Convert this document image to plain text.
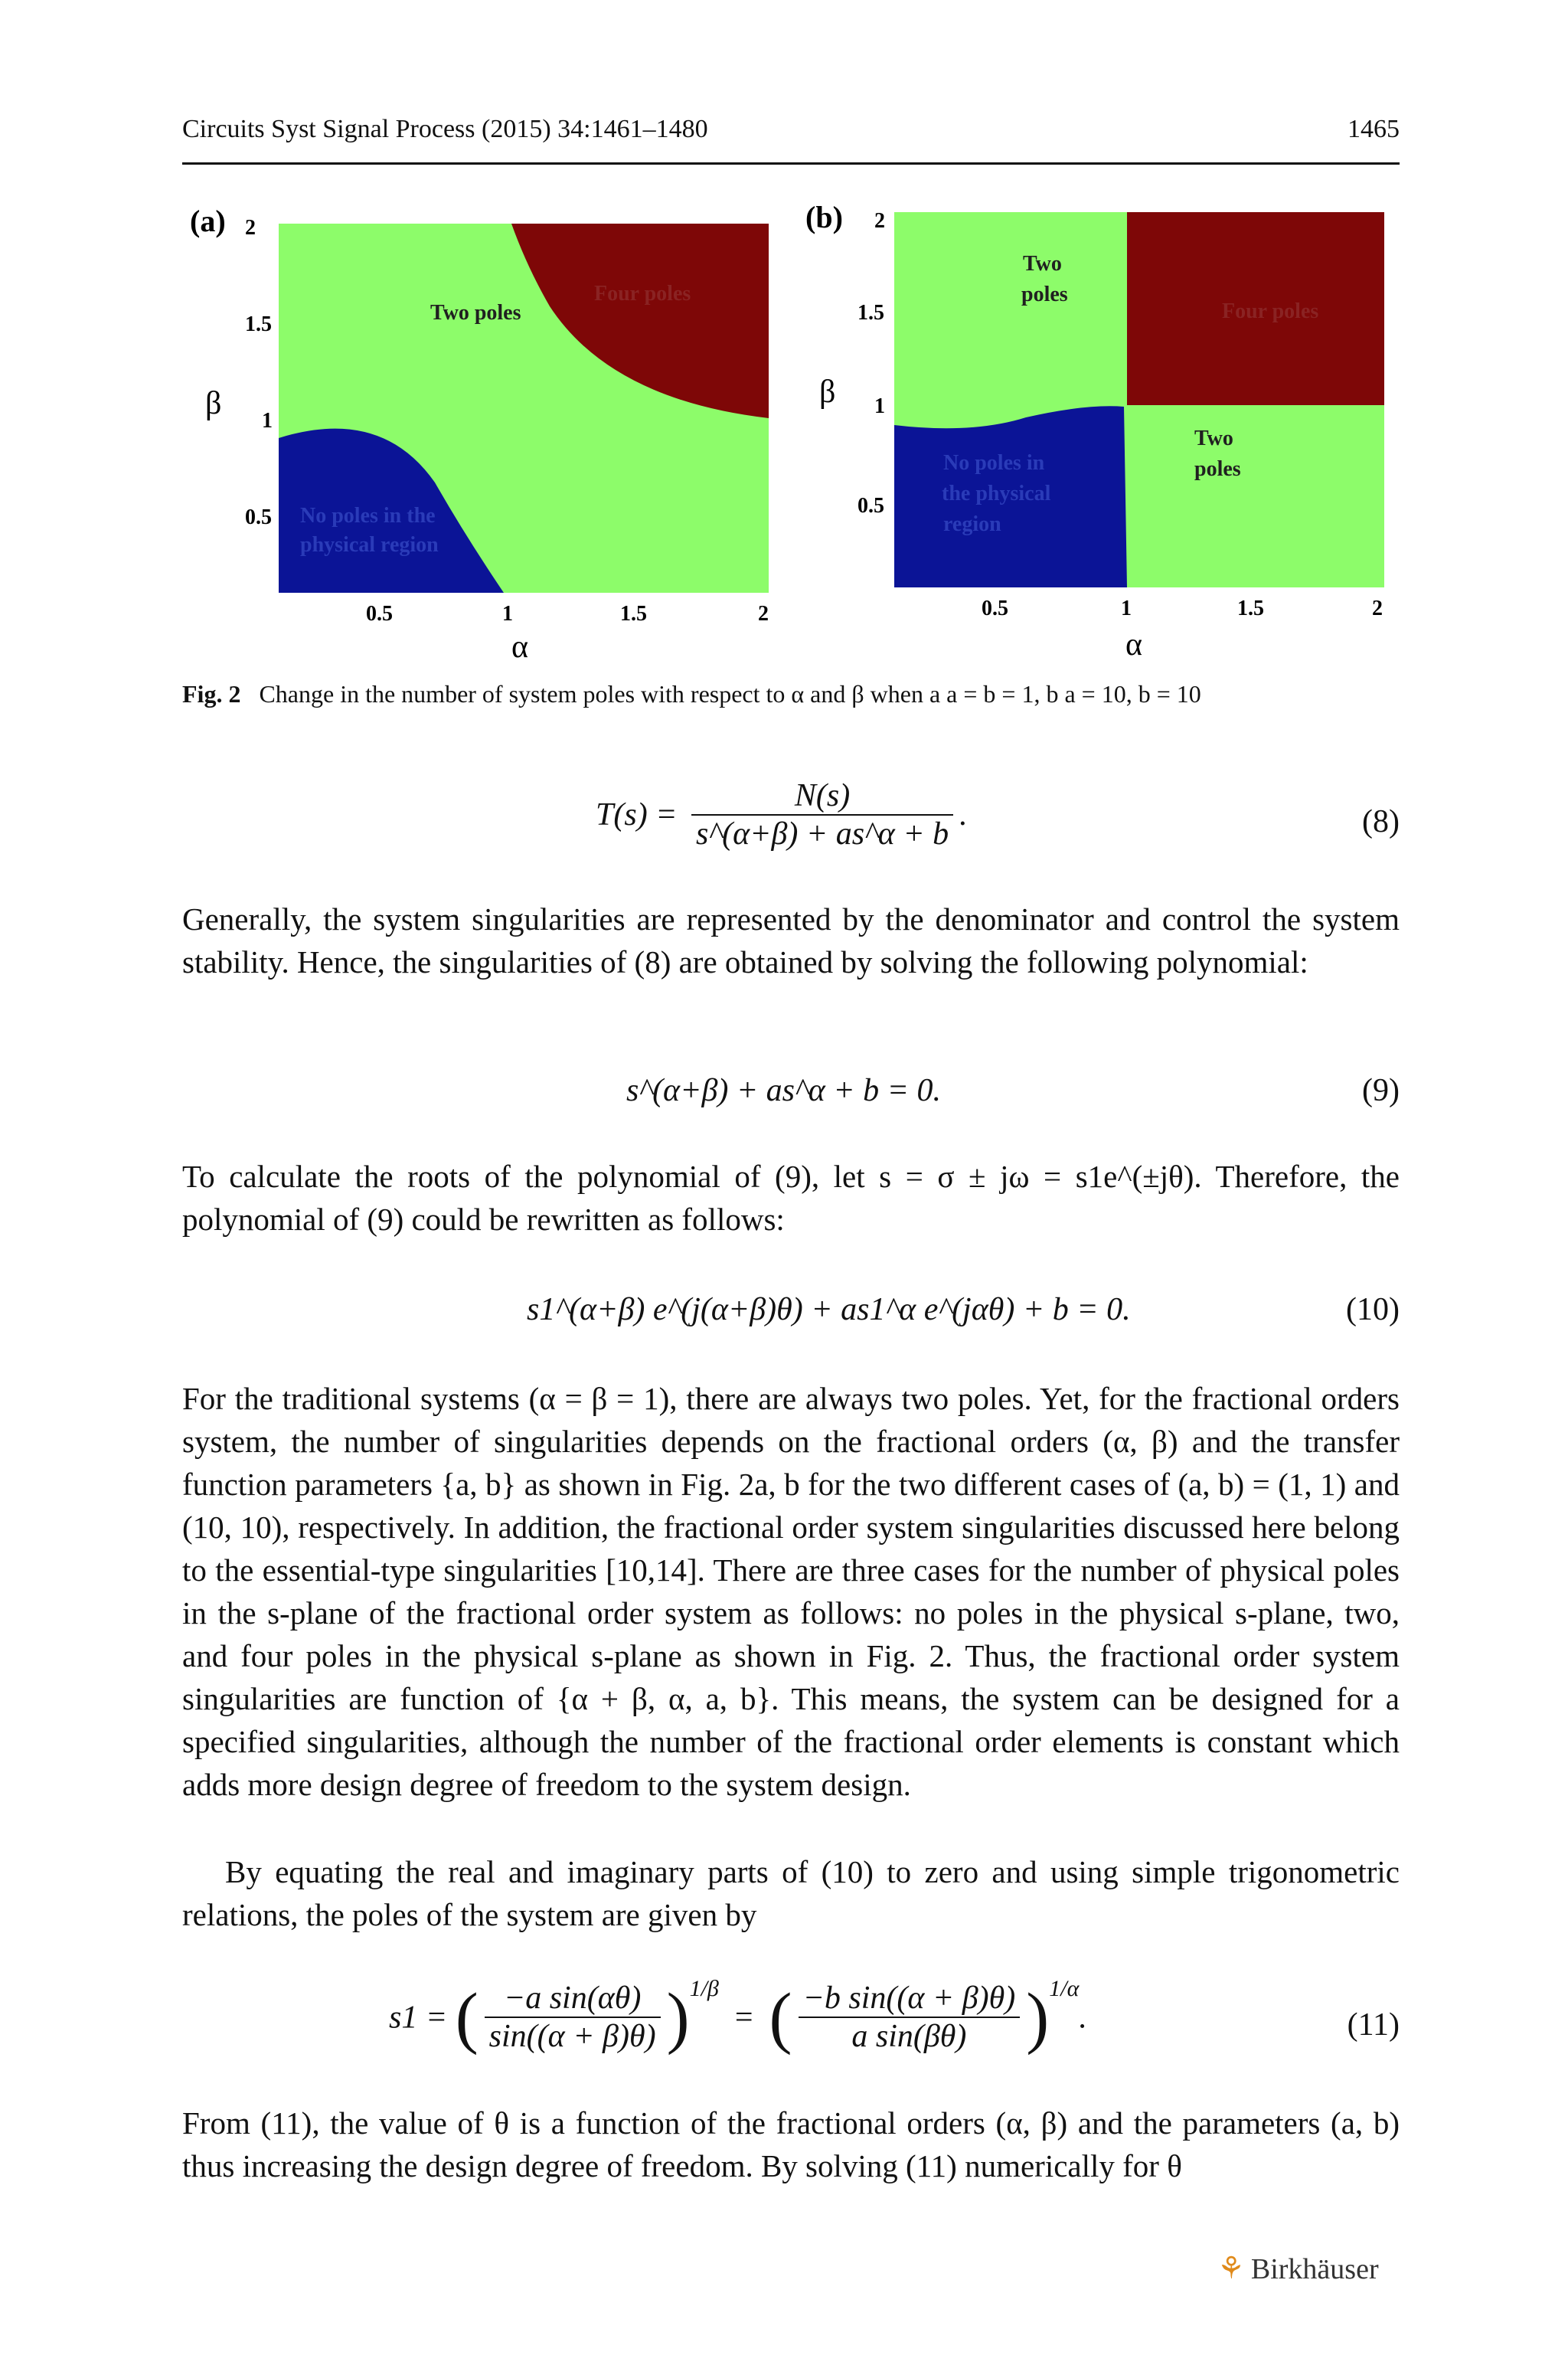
Circuits Syst Signal Process (2015) 34:1461–1480	1465
(a) 2
1.5
1
0.5
β
0.5	1	1.5	2
α
Two poles
Four poles
No poles in the
physical region
(b) 2
1.5
1
0.5
β
0.5	1	1.5	2
α
Two
poles
Four poles
Two
poles
No poles in
the physical
region
Fig. 2 Change in the number of system poles with respect to α and β when a a = b = 1, b a = 10, b = 10
$T(s) = \frac{N(s)}{s\^{}(\alpha+\beta) + as\^{}\alpha + b}$ .	(8)
Generally, the system singularities are represented by the denominator and control the system stability. Hence, the singularities of (8) are obtained by solving the following polynomial:
s^(α+β) + as^α + b = 0.	(9)
To calculate the roots of the polynomial of (9), let s = σ ± jω = s1e^(±jθ). Therefore, the polynomial of (9) could be rewritten as follows:
s1^(α+β) e^(j(α+β)θ) + as1^α e^(jαθ) + b = 0.	(10)
For the traditional systems (α = β = 1), there are always two poles. Yet, for the fractional orders system, the number of singularities depends on the fractional orders (α, β) and the transfer function parameters {a, b} as shown in Fig. 2a, b for the two different cases of (a, b) = (1, 1) and (10, 10), respectively. In addition, the fractional order system singularities discussed here belong to the essential-type singularities [10,14]. There are three cases for the number of physical poles in the s-plane of the fractional order system as follows: no poles in the physical s-plane, two, and four poles in the physical s-plane as shown in Fig. 2. Thus, the fractional order system singularities are function of {α + β, α, a, b}. This means, the system can be designed for a specified singularities, although the number of the fractional order elements is constant which adds more design degree of freedom to the system design.
By equating the real and imaginary parts of (10) to zero and using simple trigonometric relations, the poles of the system are given by
s1 = ( $\frac{\text{−a sin(αθ)}}{\sin((\alpha + \beta)\theta)} )^{1/\beta}$  =  ( $\frac{\text{−b sin((α + β)θ)}}{\text{a sin(βθ)}} )^{1/\alpha}$.	(11)
From (11), the value of θ is a function of the fractional orders (α, β) and the parameters (a, b) thus increasing the design degree of freedom. By solving (11) numerically for θ
⚘ Birkhäuser
